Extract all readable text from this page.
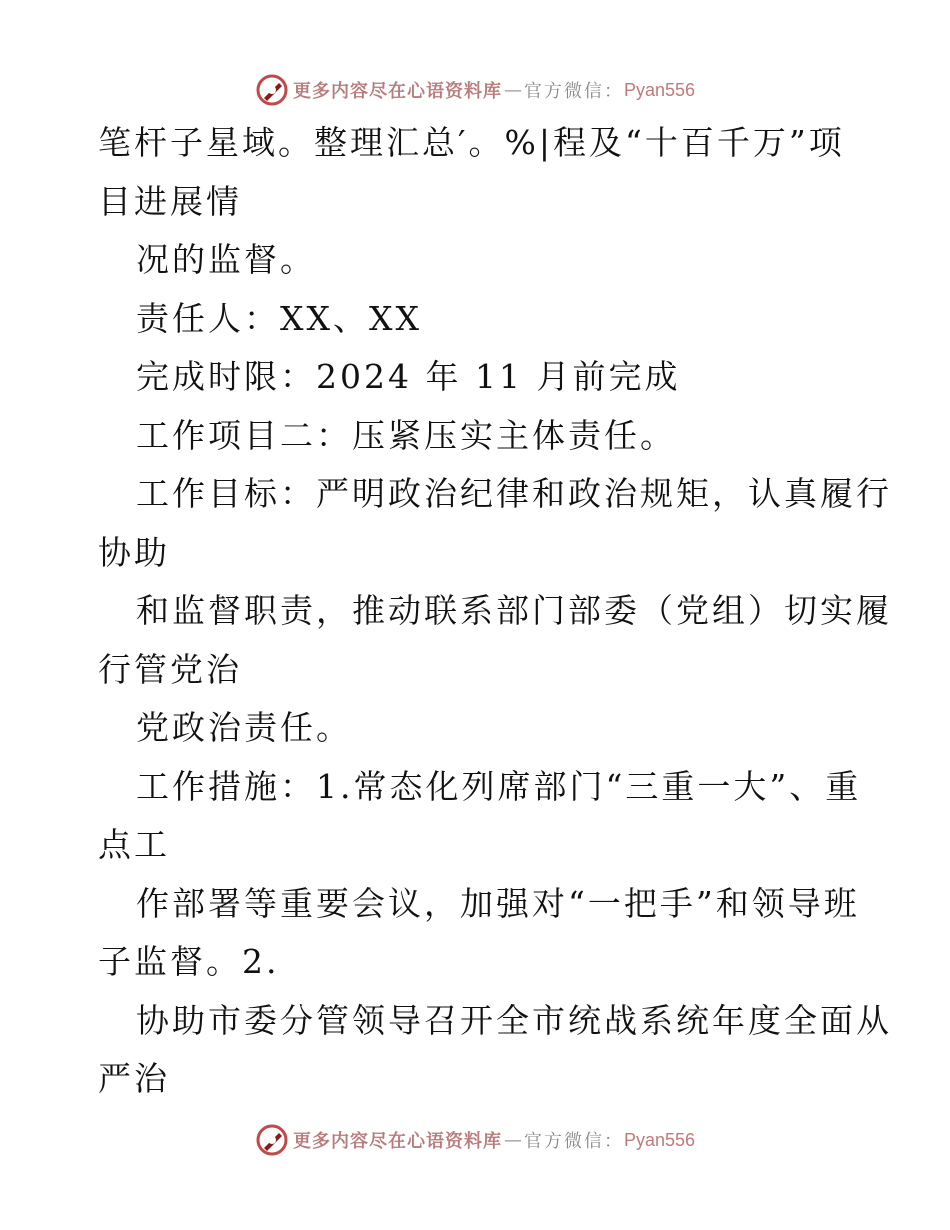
更多内容尽在心语资料库 — 官方微信： Pyan556
笔杆子星域。整理汇总′。%|程及“十百千万”项
目进展情
况的监督。
责任人：XX、XX
完成时限：2024 年 11 月前完成
工作项目二：压紧压实主体责任。
工作目标：严明政治纪律和政治规矩，认真履行
协助
和监督职责，推动联系部门部委（党组）切实履
行管党治
党政治责任。
工作措施：1.常态化列席部门“三重一大”、重
点工
作部署等重要会议，加强对“一把手”和领导班
子监督。2.
协助市委分管领导召开全市统战系统年度全面从
严治
更多内容尽在心语资料库 — 官方微信： Pyan556
